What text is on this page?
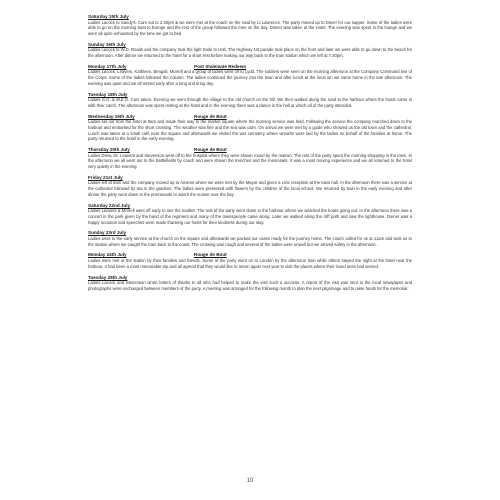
Saturday 15th July
Ladies Lacock to Sandy's. Cars out to 2.30pm & we were met at the coach on the road by Lt Lawrence. The party moved up to Dover for our supper. Some of the ladies were able to go on the morning boat to Europe and the rest of the group followed the men on the day. Dinner was taken at the Hotel. The evening was spent in the lounge and we were all quite exhausted by the time we got to bed.
Sunday 16th July
Ladies Lacock to W.D. Roads and the company took the light trade to Holt. The Highway 1st parade took place on the front and later we were able to go down to the beach for the afternoon. After dinner we returned to the hotel for a short rest before making our way back to the train station which we left at 7.30pm.
Monday 17th July	Post Stalemate Redeem
Ladies Lacock, Leavers, Kathleen, Bengali, Morrell and a group of ladies went off to Lydd. The soldiers were seen on the morning afternoon at the Company Command line of the Corps. Some of the ladies followed the column. The ladies continued the journey into the town and after lunch at the local inn we came home in the late afternoon. The evening was quiet and we all retired early after a long and tiring day.
Tuesday 18th July
Ladies G.G. & W.E.D. Cars taken. Evening we went through the village to the old church on the hill. We then walked along the road to the harbour where the boats came in with their catch. The afternoon was spent resting at the hotel and in the evening there was a dance in the hall at which all of the party attended.
Wednesday 19th July	Rouge de Bout
Ladies set out from the hotel at 9am and made their way to the market square where the morning service was held. Following the service the company marched down to the harbour and embarked for the short crossing. The weather was fine and the sea was calm. On arrival we were met by a guide who showed us the old town and the cathedral. Lunch was taken at a small café near the square and afterwards we visited the war cemetery where wreaths were laid by the ladies on behalf of the families at home. The party returned to the hotel in the early evening.
Thursday 20th July	Rouge de Bout
Ladies Drew, Dr. Leavers and Stevenson went off to the hospital where they were shown round by the matron. The rest of the party spent the morning shopping in the town. In the afternoon we all went out to the battlefields by coach and were shown the trenches and the memorials. It was a most moving experience and we all returned to the hotel very quietly in the evening.
Friday 21st July
Ladies left at 9am and the company moved up to Amiens where we were met by the Mayor and given a civic reception at the town hall. In the afternoon there was a service at the cathedral followed by tea in the gardens. The ladies were presented with flowers by the children of the local school. We returned by train in the early evening and after dinner the party went down to the promenade to watch the sunset over the bay.
Saturday 22nd July
Ladies Leavers & Morrell went off early to see the market. The rest of the party went down to the harbour where we watched the boats going out. In the afternoon there was a concert in the park given by the band of the regiment and many of the townspeople came along. Later we walked along the cliff path and saw the lighthouse. Dinner was a happy occasion and speeches were made thanking our hosts for their kindness during our stay.
Sunday 23rd July
Ladies went to the early service at the church on the square and afterwards we packed our cases ready for the journey home. The coach called for us at 11am and took us to the station where we caught the train back to the coast. The crossing was rough and several of the ladies were unwell but we arrived safely in the afternoon.
Monday 24th July	Rouge de Bout
Ladies were met at the station by their families and friends. Some of the party went on to London by the afternoon train while others stayed the night at the hotel near the harbour. It had been a most memorable trip and all agreed that they would like to return again next year to visit the places where their loved ones had served.
Tuesday 25th July
Ladies Lacock and Stevenson wrote letters of thanks to all who had helped to make the visit such a success. A report of the visit was sent to the local newspaper and photographs were exchanged between members of the party. A meeting was arranged for the following month to plan the next pilgrimage and to raise funds for the memorial.
10
